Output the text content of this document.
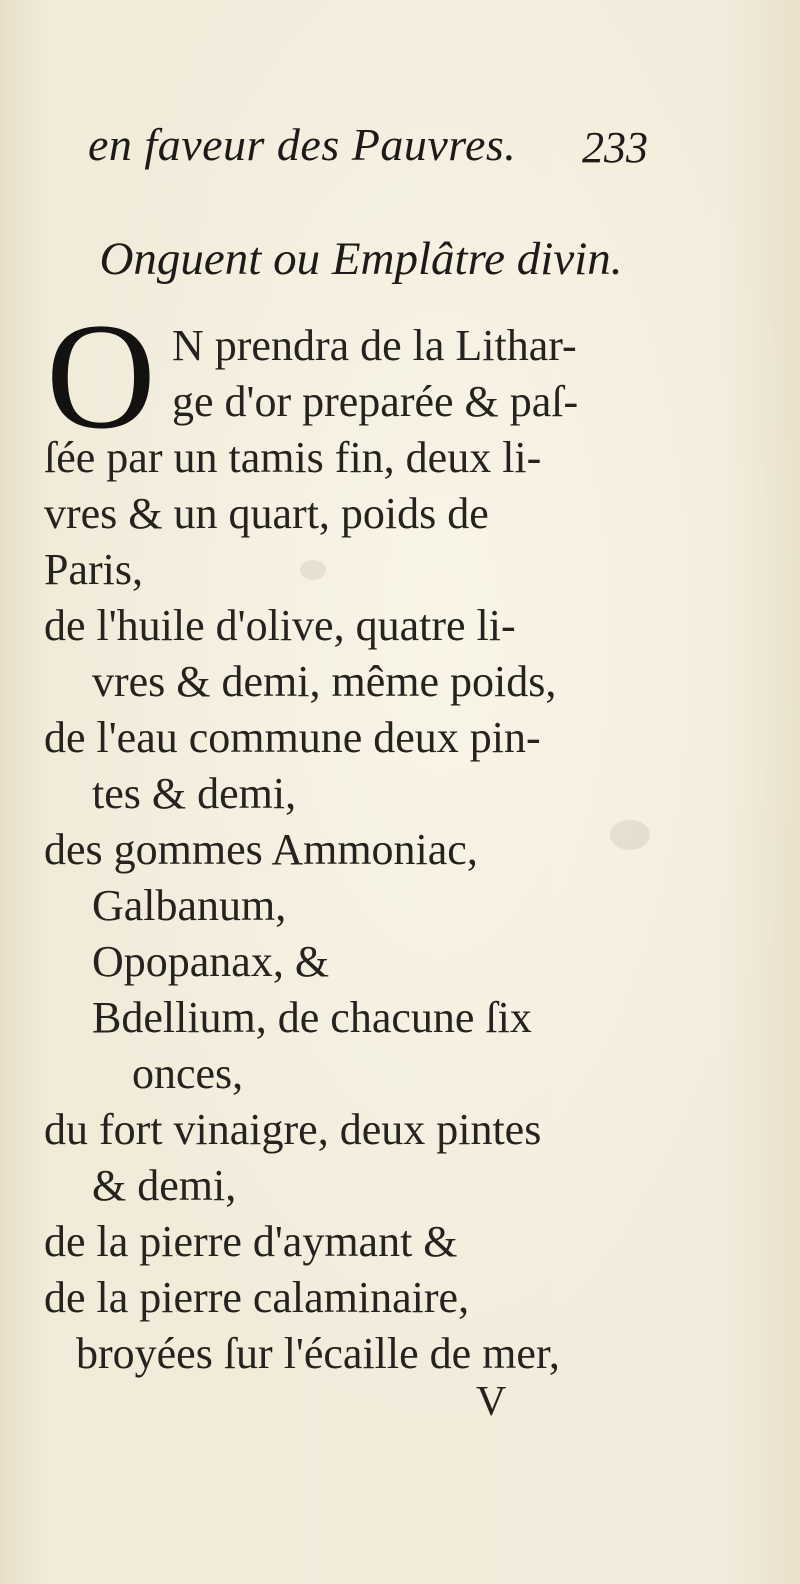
en faveur des Pauvres. 233
Onguent ou Emplâtre divin.
O N prendra de la Lithar-
ge d'or preparée & paſ-
ſée par un tamis fin, deux li-
vres & un quart, poids de
Paris,
de l'huile d'olive, quatre li-
vres & demi, même poids,
de l'eau commune deux pin-
tes & demi,
des gommes Ammoniac,
Galbanum,
Opopanax, &
Bdellium, de chacune ſix
onces,
du fort vinaigre, deux pintes
& demi,
de la pierre d'aymant &
de la pierre calaminaire,
broyées ſur l'écaille de mer,
V
